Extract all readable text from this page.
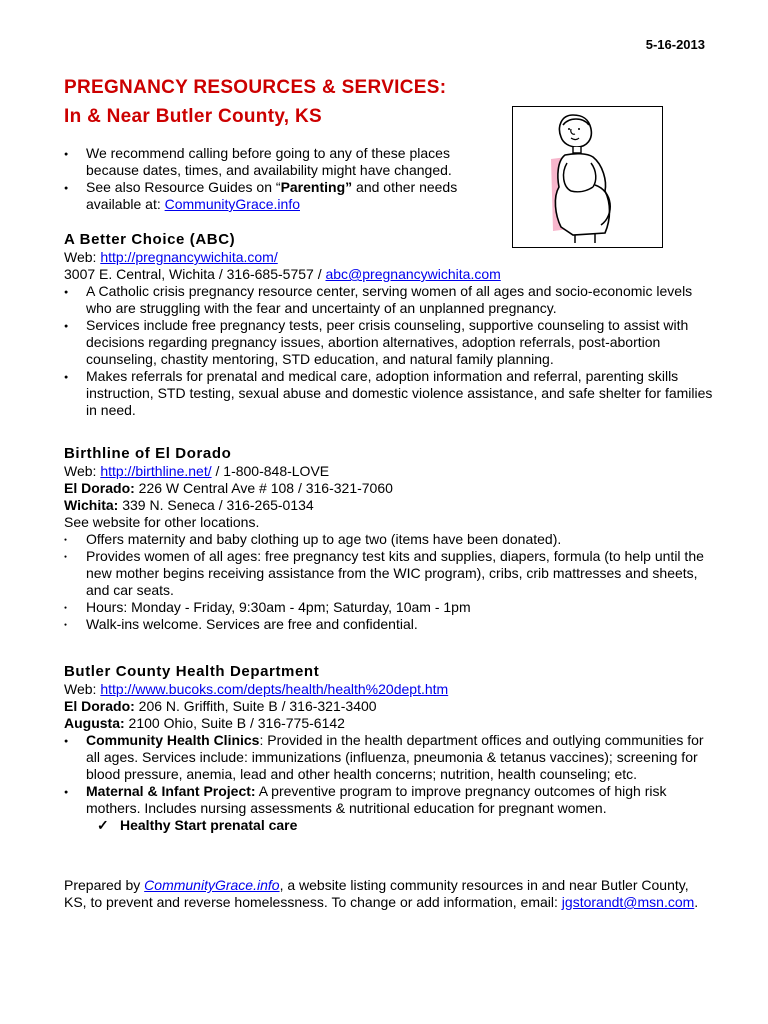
5-16-2013
PREGNANCY RESOURCES & SERVICES:
In & Near Butler County, KS
●
We recommend calling before going to any of these places because dates, times, and availability might have changed.
●
See also Resource Guides on “Parenting” and other needs available at: CommunityGrace.info
A Better Choice (ABC)
Web: http://pregnancywichita.com/
3007 E. Central, Wichita / 316-685-5757 / abc@pregnancywichita.com
●
A Catholic crisis pregnancy resource center, serving women of all ages and socio-economic levels who are struggling with the fear and uncertainty of an unplanned pregnancy.
●
Services include free pregnancy tests, peer crisis counseling, supportive counseling to assist with decisions regarding pregnancy issues, abortion alternatives, adoption referrals, post-abortion counseling, chastity mentoring, STD education, and natural family planning.
●
Makes referrals for prenatal and medical care, adoption information and referral, parenting skills instruction, STD testing, sexual abuse and domestic violence assistance, and safe shelter for families in need.
Birthline of El Dorado
Web: http://birthline.net/ / 1-800-848-LOVE
El Dorado: 226 W Central Ave # 108 / 316-321-7060
Wichita: 339 N. Seneca / 316-265-0134
See website for other locations.
●
Offers maternity and baby clothing up to age two (items have been donated).
●
Provides women of all ages: free pregnancy test kits and supplies, diapers, formula (to help until the new mother begins receiving assistance from the WIC program), cribs, crib mattresses and sheets, and car seats.
●
Hours: Monday - Friday, 9:30am - 4pm; Saturday, 10am - 1pm
●
Walk-ins welcome. Services are free and confidential.
Butler County Health Department
Web: http://www.bucoks.com/depts/health/health%20dept.htm
El Dorado: 206 N. Griffith, Suite B / 316-321-3400
Augusta: 2100 Ohio, Suite B / 316-775-6142
●
Community Health Clinics: Provided in the health department offices and outlying communities for all ages. Services include: immunizations (influenza, pneumonia & tetanus vaccines); screening for blood pressure, anemia, lead and other health concerns; nutrition, health counseling; etc.
●
Maternal & Infant Project: A preventive program to improve pregnancy outcomes of high risk mothers. Includes nursing assessments & nutritional education for pregnant women.
✓ Healthy Start prenatal care
Prepared by CommunityGrace.info, a website listing community resources in and near Butler County, KS, to prevent and reverse homelessness. To change or add information, email: jgstorandt@msn.com.
